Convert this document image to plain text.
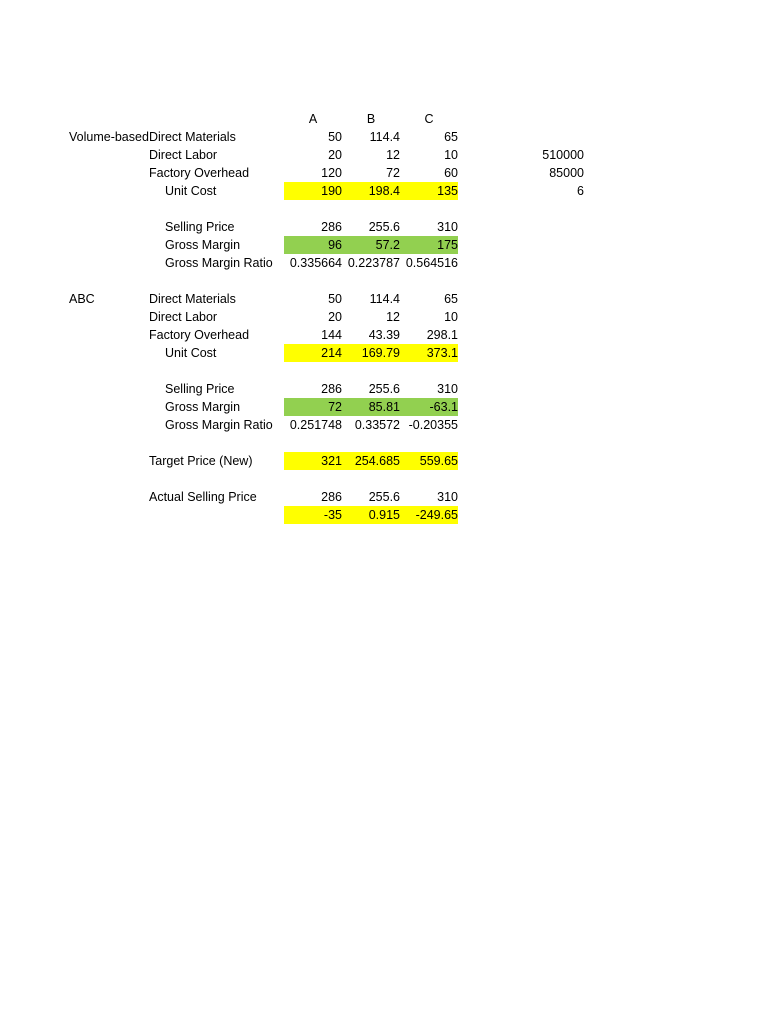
A	B	C
Volume-based Direct Materials	50	114.4	65
Direct Labor	20	12	10	510000
Factory Overhead	120	72	60	85000
Unit Cost	190	198.4	135	6
Selling Price	286	255.6	310
Gross Margin	96	57.2	175
Gross Margin Ratio	0.335664 0.223787 0.564516
ABC	Direct Materials	50	114.4	65
Direct Labor	20	12	10
Factory Overhead	144	43.39	298.1
Unit Cost	214	169.79	373.1
Selling Price	286	255.6	310
Gross Margin	72	85.81	-63.1
Gross Margin Ratio	0.251748	0.33572 -0.20355
Target Price (New)	321	254.685	559.65
Actual Selling Price	286	255.6	310
-35	0.915	-249.65
